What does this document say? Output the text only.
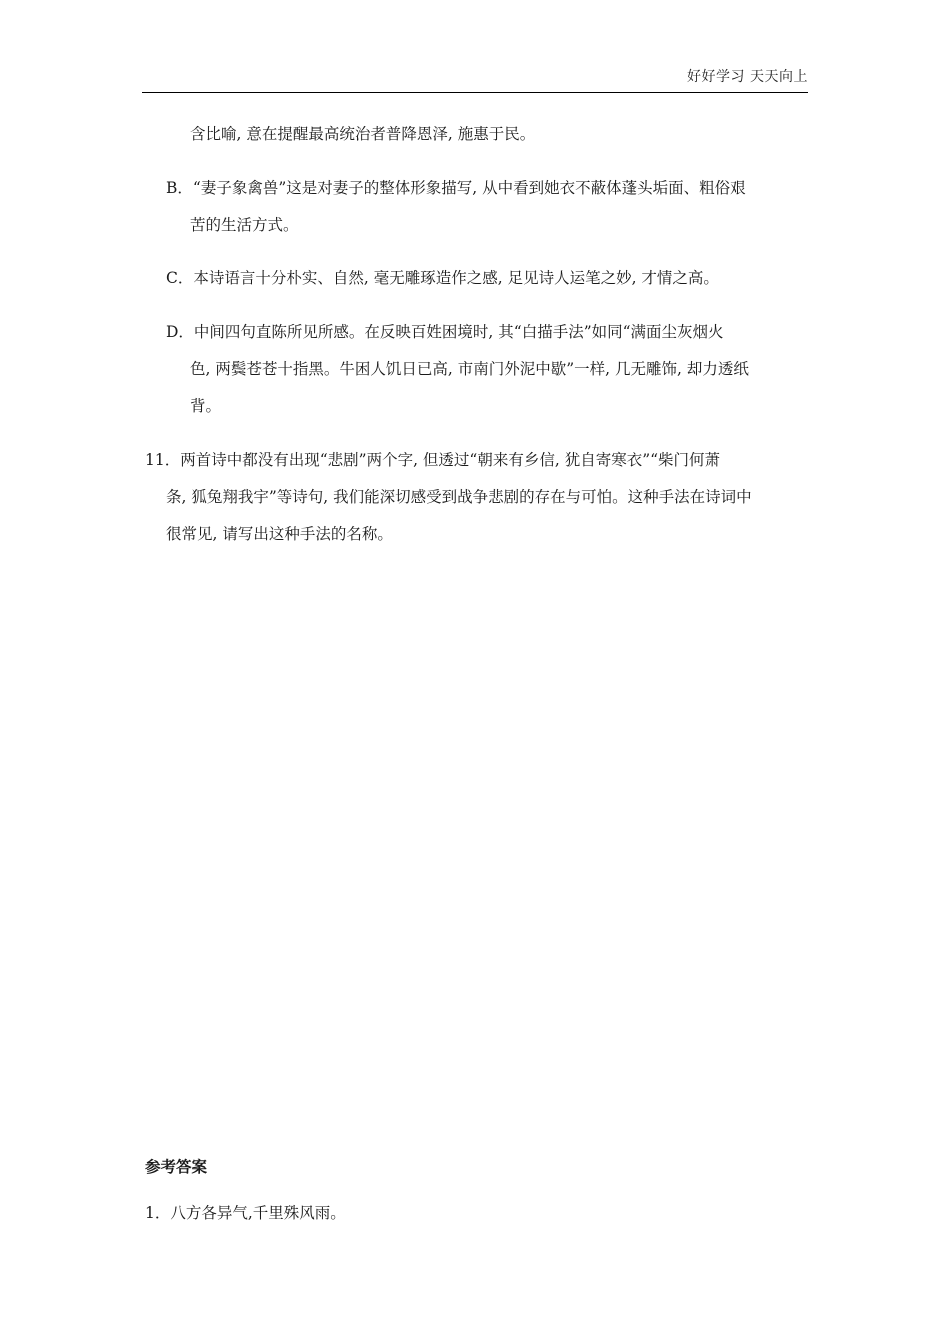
好好学习 天天向上
含比喻, 意在提醒最高统治者普降恩泽, 施惠于民。
B．“妻子象禽兽”这是对妻子的整体形象描写, 从中看到她衣不蔽体蓬头垢面、粗俗艰
苦的生活方式。
C．本诗语言十分朴实、自然, 毫无雕琢造作之感, 足见诗人运笔之妙, 才情之高。
D．中间四句直陈所见所感。在反映百姓困境时, 其“白描手法”如同“满面尘灰烟火
色, 两鬓苍苍十指黑。牛困人饥日已高, 市南门外泥中歇”一样, 几无雕饰, 却力透纸
背。
11．两首诗中都没有出现“悲剧”两个字, 但透过“朝来有乡信, 犹自寄寒衣”“柴门何萧
条, 狐兔翔我宇”等诗句, 我们能深切感受到战争悲剧的存在与可怕。这种手法在诗词中
很常见, 请写出这种手法的名称。
参考答案
1．八方各异气,千里殊风雨。
